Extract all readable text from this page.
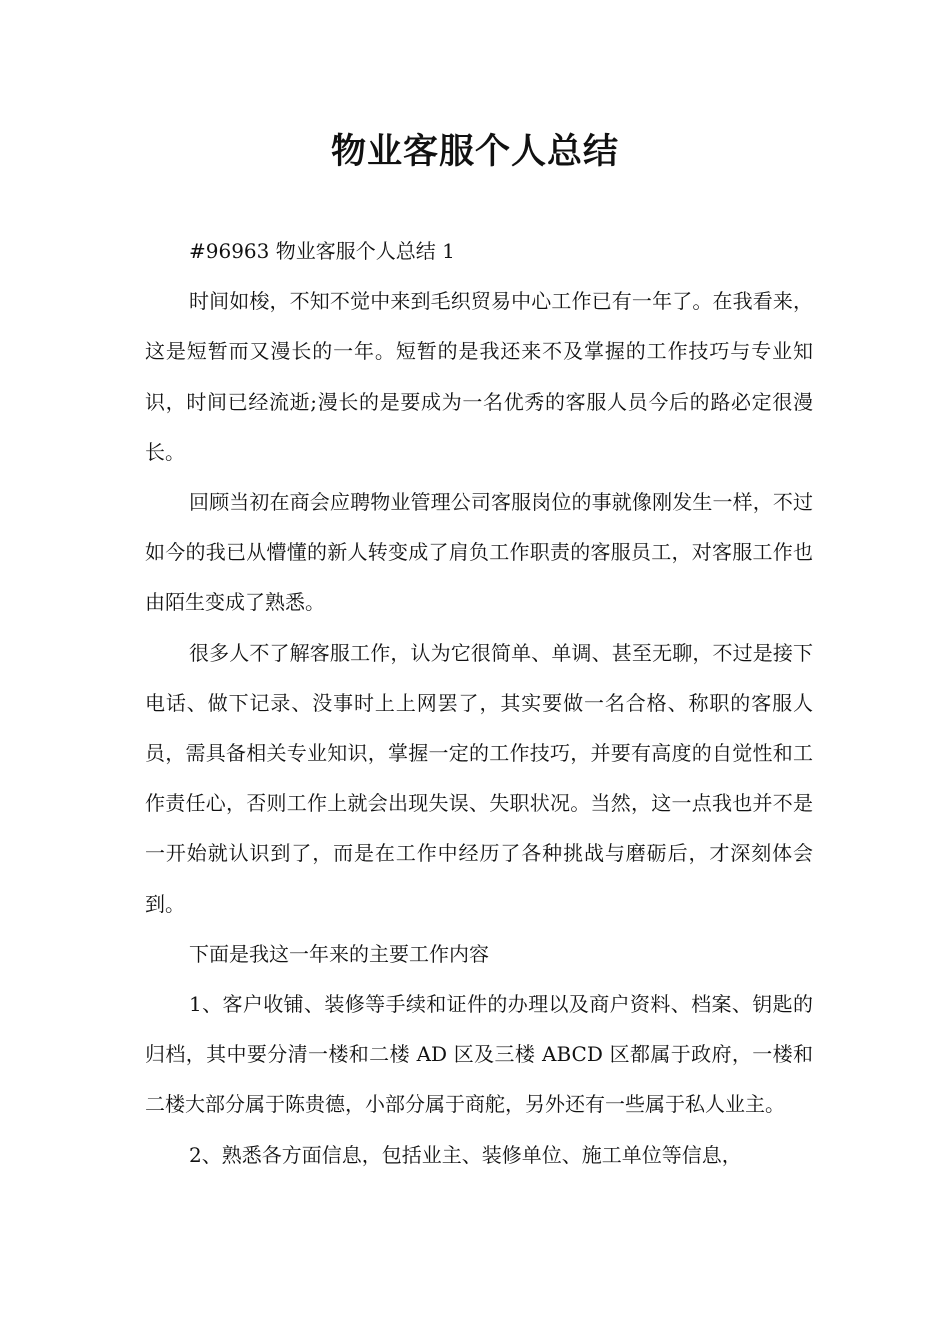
物业客服个人总结

#96963 物业客服个人总结 1

时间如梭，不知不觉中来到毛织贸易中心工作已有一年了。在我看来，这是短暂而又漫长的一年。短暂的是我还来不及掌握的工作技巧与专业知识，时间已经流逝;漫长的是要成为一名优秀的客服人员今后的路必定很漫长。

回顾当初在商会应聘物业管理公司客服岗位的事就像刚发生一样，不过如今的我已从懵懂的新人转变成了肩负工作职责的客服员工，对客服工作也由陌生变成了熟悉。

很多人不了解客服工作，认为它很简单、单调、甚至无聊，不过是接下电话、做下记录、没事时上上网罢了，其实要做一名合格、称职的客服人员，需具备相关专业知识，掌握一定的工作技巧，并要有高度的自觉性和工作责任心，否则工作上就会出现失误、失职状况。当然，这一点我也并不是一开始就认识到了，而是在工作中经历了各种挑战与磨砺后，才深刻体会到。

下面是我这一年来的主要工作内容

1、客户收铺、装修等手续和证件的办理以及商户资料、档案、钥匙的归档，其中要分清一楼和二楼 AD 区及三楼 ABCD 区都属于政府，一楼和二楼大部分属于陈贵德，小部分属于商舵，另外还有一些属于私人业主。

2、熟悉各方面信息，包括业主、装修单位、施工单位等信息，
